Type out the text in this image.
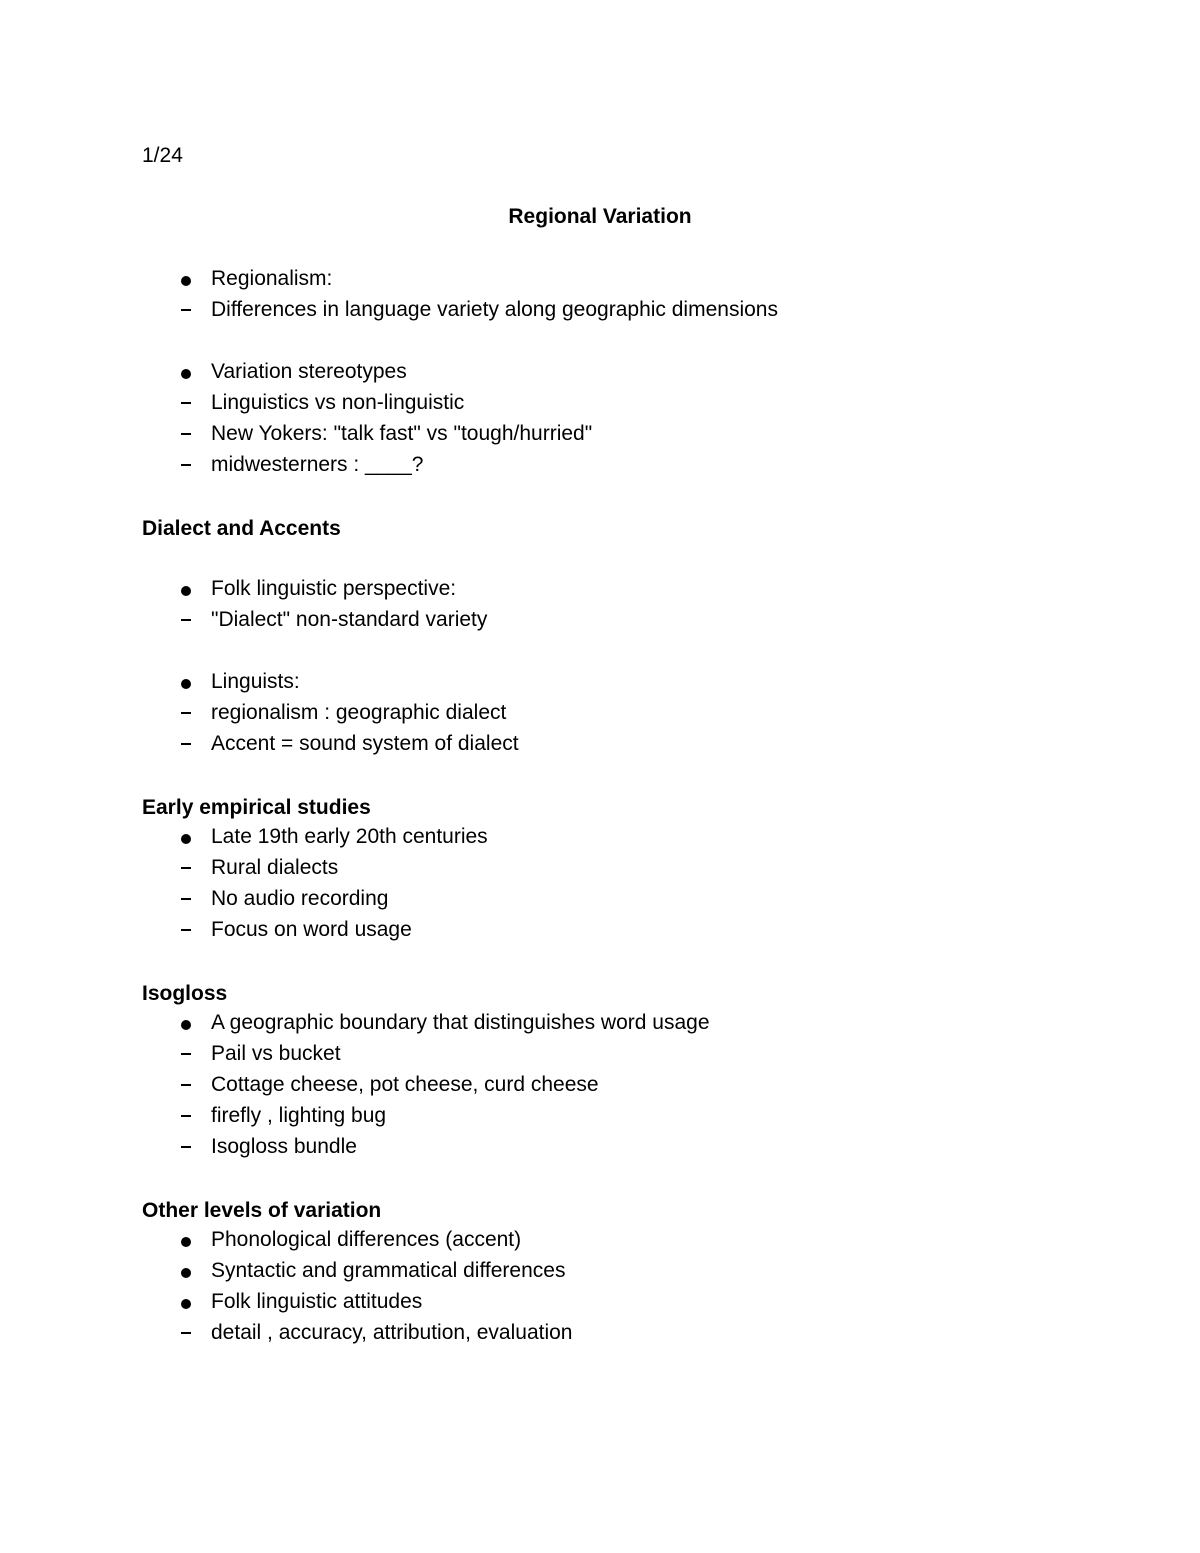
1/24
Regional Variation
Regionalism:
Differences in language variety along geographic dimensions
Variation stereotypes
Linguistics vs non-linguistic
New Yokers: "talk fast" vs "tough/hurried"
midwesterners : ____?
Dialect and Accents
Folk linguistic perspective:
"Dialect" non-standard variety
Linguists:
regionalism : geographic dialect
Accent = sound system of dialect
Early empirical studies
Late 19th early 20th centuries
Rural dialects
No audio recording
Focus on word usage
Isogloss
A geographic boundary that distinguishes word usage
Pail vs bucket
Cottage cheese, pot cheese, curd cheese
firefly , lighting bug
Isogloss bundle
Other levels of variation
Phonological differences (accent)
Syntactic and grammatical differences
Folk linguistic attitudes
detail , accuracy, attribution, evaluation
